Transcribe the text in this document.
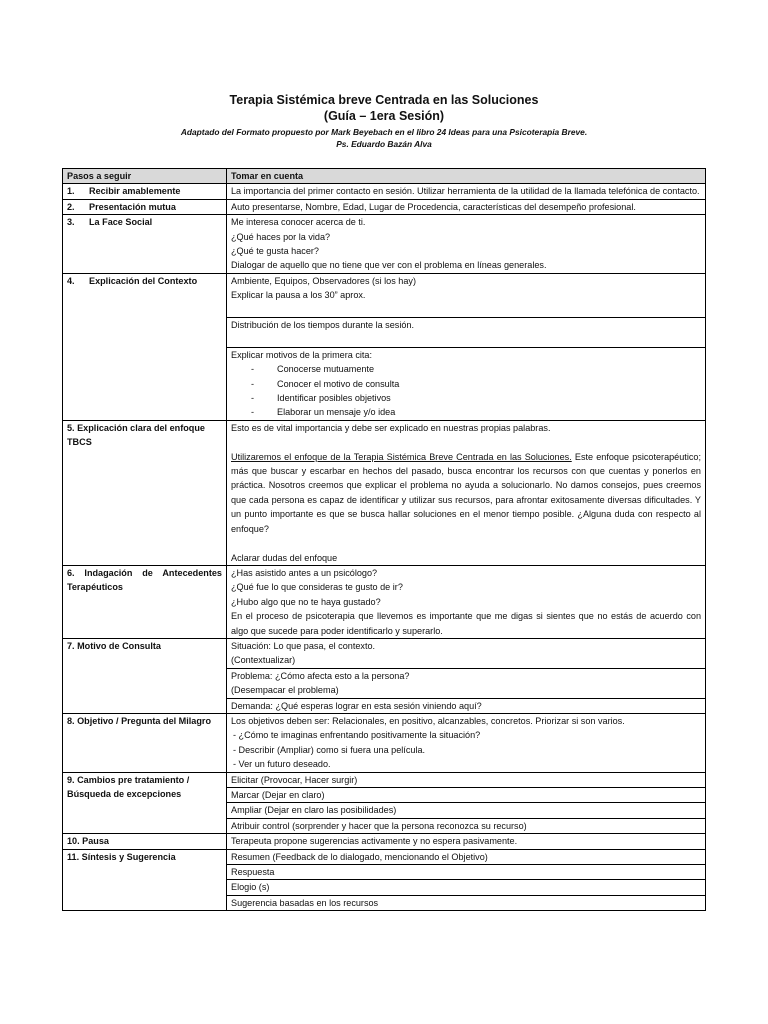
Terapia Sistémica breve Centrada en las Soluciones
(Guía – 1era Sesión)
Adaptado del Formato propuesto por Mark Beyebach en el libro 24 Ideas para una Psicoterapia Breve.
Ps. Eduardo Bazán Alva
Pasos a seguir	Tomar en cuenta
1. Recibir amablemente	La importancia del primer contacto en sesión. Utilizar herramienta de la utilidad de la llamada telefónica de contacto.
2. Presentación mutua	Auto presentarse, Nombre, Edad, Lugar de Procedencia, características del desempeño profesional.
3. La Face Social	Me interesa conocer acerca de ti.
¿Qué haces por la vida?
¿Qué te gusta hacer?
Dialogar de aquello que no tiene que ver con el problema en líneas generales.

4. Explicación del Contexto	Ambiente, Equipos, Observadores (si los hay)
Explicar la pausa a los 30” aprox.

	Distribución de los tiempos durante la sesión.

	Explicar motivos de la primera cita:
- Conocerse mutuamente
- Conocer el motivo de consulta
- Identificar posibles objetivos
- Elaborar un mensaje y/o idea

5. Explicación clara del enfoque TBCS	Esto es de vital importancia y debe ser explicado en nuestras propias palabras.
Utilizaremos el enfoque de la Terapia Sistémica Breve Centrada en las Soluciones. Este enfoque psicoterapéutico; más que buscar y escarbar en hechos del pasado, busca encontrar los recursos con que cuentas y ponerlos en práctica. Nosotros creemos que explicar el problema no ayuda a solucionarlo. No damos consejos, pues creemos que cada persona es capaz de identificar y utilizar sus recursos, para afrontar exitosamente diversas dificultades. Y un punto importante es que se busca hallar soluciones en el menor tiempo posible. ¿Alguna duda con respecto al enfoque?
Aclarar dudas del enfoque

6. Indagación de Antecedentes Terapéuticos	¿Has asistido antes a un psicólogo?
¿Qué fue lo que consideras te gusto de ir?
¿Hubo algo que no te haya gustado?
En el proceso de psicoterapia que llevemos es importante que me digas si sientes que no estás de acuerdo con algo que sucede para poder identificarlo y superarlo.

7. Motivo de Consulta	Situación: Lo que pasa, el contexto.
(Contextualizar)

	Problema: ¿Cómo afecta esto a la persona?
(Desempacar el problema)

	Demanda: ¿Qué esperas lograr en esta sesión viniendo aquí?
8. Objetivo / Pregunta del Milagro	Los objetivos deben ser: Relacionales, en positivo, alcanzables, concretos. Priorizar si son varios.
- ¿Cómo te imaginas enfrentando positivamente la situación?
- Describir (Ampliar) como si fuera una película.
- Ver un futuro deseado.

9. Cambios pre tratamiento / Búsqueda de excepciones	Elicitar (Provocar, Hacer surgir)
	Marcar (Dejar en claro)
	Ampliar (Dejar en claro las posibilidades)
	Atribuir control (sorprender y hacer que la persona reconozca su recurso)
10. Pausa	Terapeuta propone sugerencias activamente y no espera pasivamente.
11. Síntesis y Sugerencia	Resumen (Feedback de lo dialogado, mencionando el Objetivo)
	Respuesta
	Elogio (s)
	Sugerencia basadas en los recursos
